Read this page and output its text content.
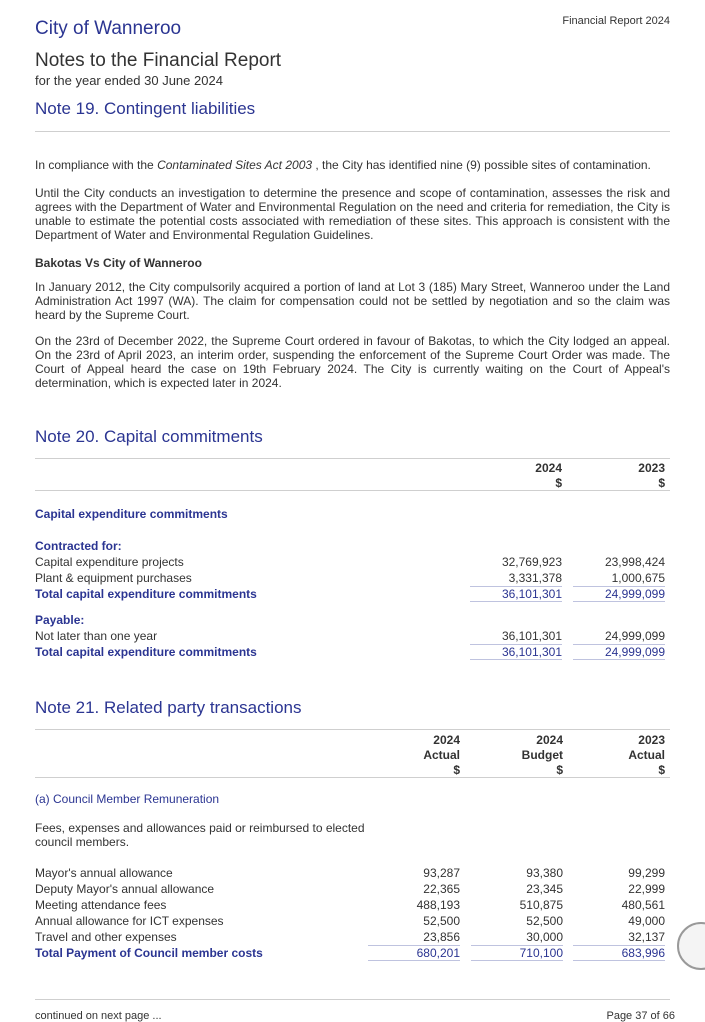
City of Wanneroo	Financial Report 2024
Notes to the Financial Report
for the year ended 30 June 2024
Note 19. Contingent liabilities
In compliance with the Contaminated Sites Act 2003 , the City has identified nine (9) possible sites of contamination.
Until the City conducts an investigation to determine the presence and scope of contamination, assesses the risk and agrees with the Department of Water and Environmental Regulation on the need and criteria for remediation, the City is unable to estimate the potential costs associated with remediation of these sites. This approach is consistent with the Department of Water and Environmental Regulation Guidelines.
Bakotas Vs City of Wanneroo
In January 2012, the City compulsorily acquired a portion of land at Lot 3 (185) Mary Street, Wanneroo under the Land Administration Act 1997 (WA). The claim for compensation could not be settled by negotiation and so the claim was heard by the Supreme Court.
On the 23rd of December 2022, the Supreme Court ordered in favour of Bakotas, to which the City lodged an appeal. On the 23rd of April 2023, an interim order, suspending the enforcement of the Supreme Court Order was made. The Court of Appeal heard the case on 19th February 2024. The City is currently waiting on the Court of Appeal's determination, which is expected later in 2024.
Note 20. Capital commitments
2024
$
2023
$
Capital expenditure commitments
Contracted for:
Capital expenditure projects	32,769,923	23,998,424
Plant & equipment purchases	3,331,378	1,000,675
Total capital expenditure commitments	36,101,301	24,999,099
Payable:
Not later than one year	36,101,301	24,999,099
Total capital expenditure commitments	36,101,301	24,999,099
Note 21. Related party transactions
2024
Actual
$
2024
Budget
$
2023
Actual
$
(a) Council Member Remuneration
Fees, expenses and allowances paid or reimbursed to elected
council members.
Mayor's annual allowance	93,287	93,380	99,299
Deputy Mayor's annual allowance	22,365	23,345	22,999
Meeting attendance fees	488,193	510,875	480,561
Annual allowance for ICT expenses	52,500	52,500	49,000
Travel and other expenses	23,856	30,000	32,137
Total Payment of Council member costs	680,201	710,100	683,996
continued on next page ...	Page 37 of 66
